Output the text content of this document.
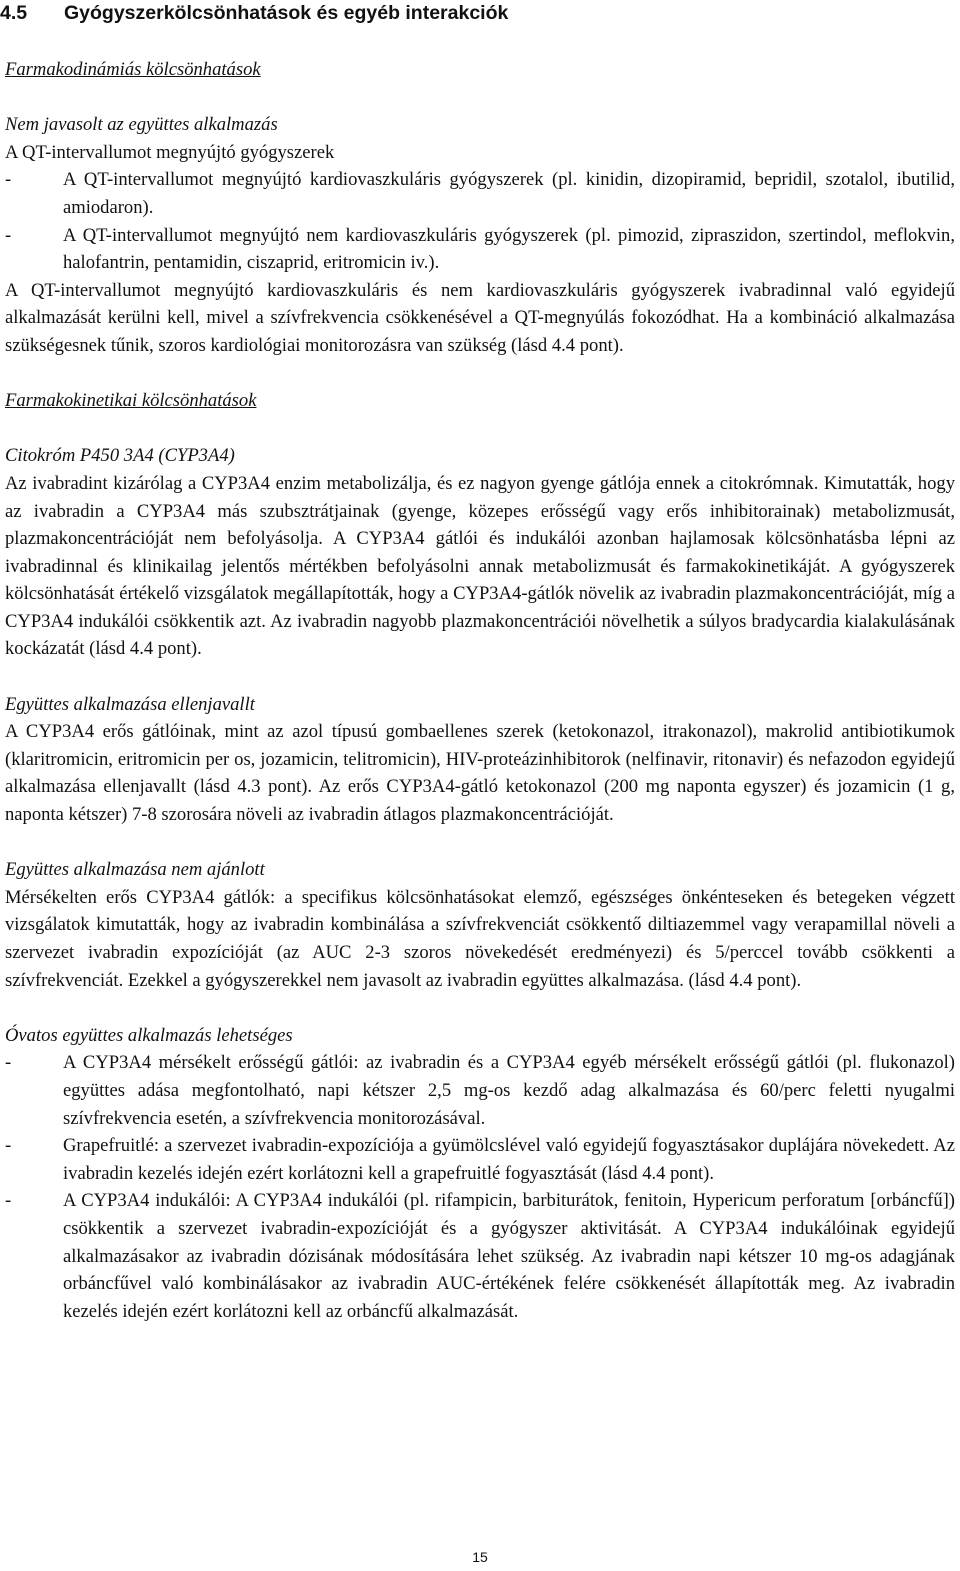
4.5	Gyógyszerkölcsönhatások és egyéb interakciók

Farmakodinámiás kölcsönhatások

Nem javasolt az együttes alkalmazás

A QT-intervallumot megnyújtó gyógyszerek

-	A QT-intervallumot megnyújtó kardiovaszkuláris gyógyszerek (pl. kinidin, dizopiramid, bepridil, szotalol, ibutilid, amiodaron).
-	A QT-intervallumot megnyújtó nem kardiovaszkuláris gyógyszerek (pl. pimozid, zipraszidon, szertindol, meflokvin, halofantrin, pentamidin, ciszaprid, eritromicin iv.).

A QT-intervallumot megnyújtó kardiovaszkuláris és nem kardiovaszkuláris gyógyszerek ivabradinnal való egyidejű alkalmazását kerülni kell, mivel a szívfrekvencia csökkenésével a QT-megnyúlás fokozódhat. Ha a kombináció alkalmazása szükségesnek tűnik, szoros kardiológiai monitorozásra van szükség (lásd 4.4 pont).

Farmakokinetikai kölcsönhatások

Citokróm P450 3A4 (CYP3A4)

Az ivabradint kizárólag a CYP3A4 enzim metabolizálja, és ez nagyon gyenge gátlója ennek a citokrómnak. Kimutatták, hogy az ivabradin a CYP3A4 más szubsztrátjainak (gyenge, közepes erősségű vagy erős inhibitorainak) metabolizmusát, plazmakoncentrációját nem befolyásolja. A CYP3A4 gátlói és indukálói azonban hajlamosak kölcsönhatásba lépni az ivabradinnal és klinikailag jelentős mértékben befolyásolni annak metabolizmusát és farmakokinetikáját. A gyógyszerek kölcsönhatását értékelő vizsgálatok megállapították, hogy a CYP3A4-gátlók növelik az ivabradin plazmakoncentrációját, míg a CYP3A4 indukálói csökkentik azt. Az ivabradin nagyobb plazmakoncentrációi növelhetik a súlyos bradycardia kialakulásának kockázatát (lásd 4.4 pont).

Együttes alkalmazása ellenjavallt

A CYP3A4 erős gátlóinak, mint az azol típusú gombaellenes szerek (ketokonazol, itrakonazol), makrolid antibiotikumok (klaritromicin, eritromicin per os, jozamicin, telitromicin), HIV-proteázinhibitorok (nelfinavir, ritonavir) és nefazodon egyidejű alkalmazása ellenjavallt (lásd 4.3 pont). Az erős CYP3A4-gátló ketokonazol (200 mg naponta egyszer) és jozamicin (1 g, naponta kétszer) 7-8 szorosára növeli az ivabradin átlagos plazmakoncentrációját.

Együttes alkalmazása nem ajánlott

Mérsékelten erős CYP3A4 gátlók: a specifikus kölcsönhatásokat elemző, egészséges önkénteseken és betegeken végzett vizsgálatok kimutatták, hogy az ivabradin kombinálása a szívfrekvenciát csökkentő diltiazemmel vagy verapamillal növeli a szervezet ivabradin expozícióját (az AUC 2-3 szoros növekedését eredményezi) és 5/perccel tovább csökkenti a szívfrekvenciát. Ezekkel a gyógyszerekkel nem javasolt az ivabradin együttes alkalmazása. (lásd 4.4 pont).

Óvatos együttes alkalmazás lehetséges

-	A CYP3A4 mérsékelt erősségű gátlói: az ivabradin és a CYP3A4 egyéb mérsékelt erősségű gátlói (pl. flukonazol) együttes adása megfontolható, napi kétszer 2,5 mg-os kezdő adag alkalmazása és 60/perc feletti nyugalmi szívfrekvencia esetén, a szívfrekvencia monitorozásával.
-	Grapefruitlé: a szervezet ivabradin-expozíciója a gyümölcslével való egyidejű fogyasztásakor duplájára növekedett. Az ivabradin kezelés idején ezért korlátozni kell a grapefruitlé fogyasztását (lásd 4.4 pont).
-	A CYP3A4 indukálói: A CYP3A4 indukálói (pl. rifampicin, barbiturátok, fenitoin, Hypericum perforatum [orbáncfű]) csökkentik a szervezet ivabradin-expozícióját és a gyógyszer aktivitását. A CYP3A4 indukálóinak egyidejű alkalmazásakor az ivabradin dózisának módosítására lehet szükség. Az ivabradin napi kétszer 10 mg-os adagjának orbáncfűvel való kombinálásakor az ivabradin AUC-értékének felére csökkenését állapították meg. Az ivabradin kezelés idején ezért korlátozni kell az orbáncfű alkalmazását.
15
